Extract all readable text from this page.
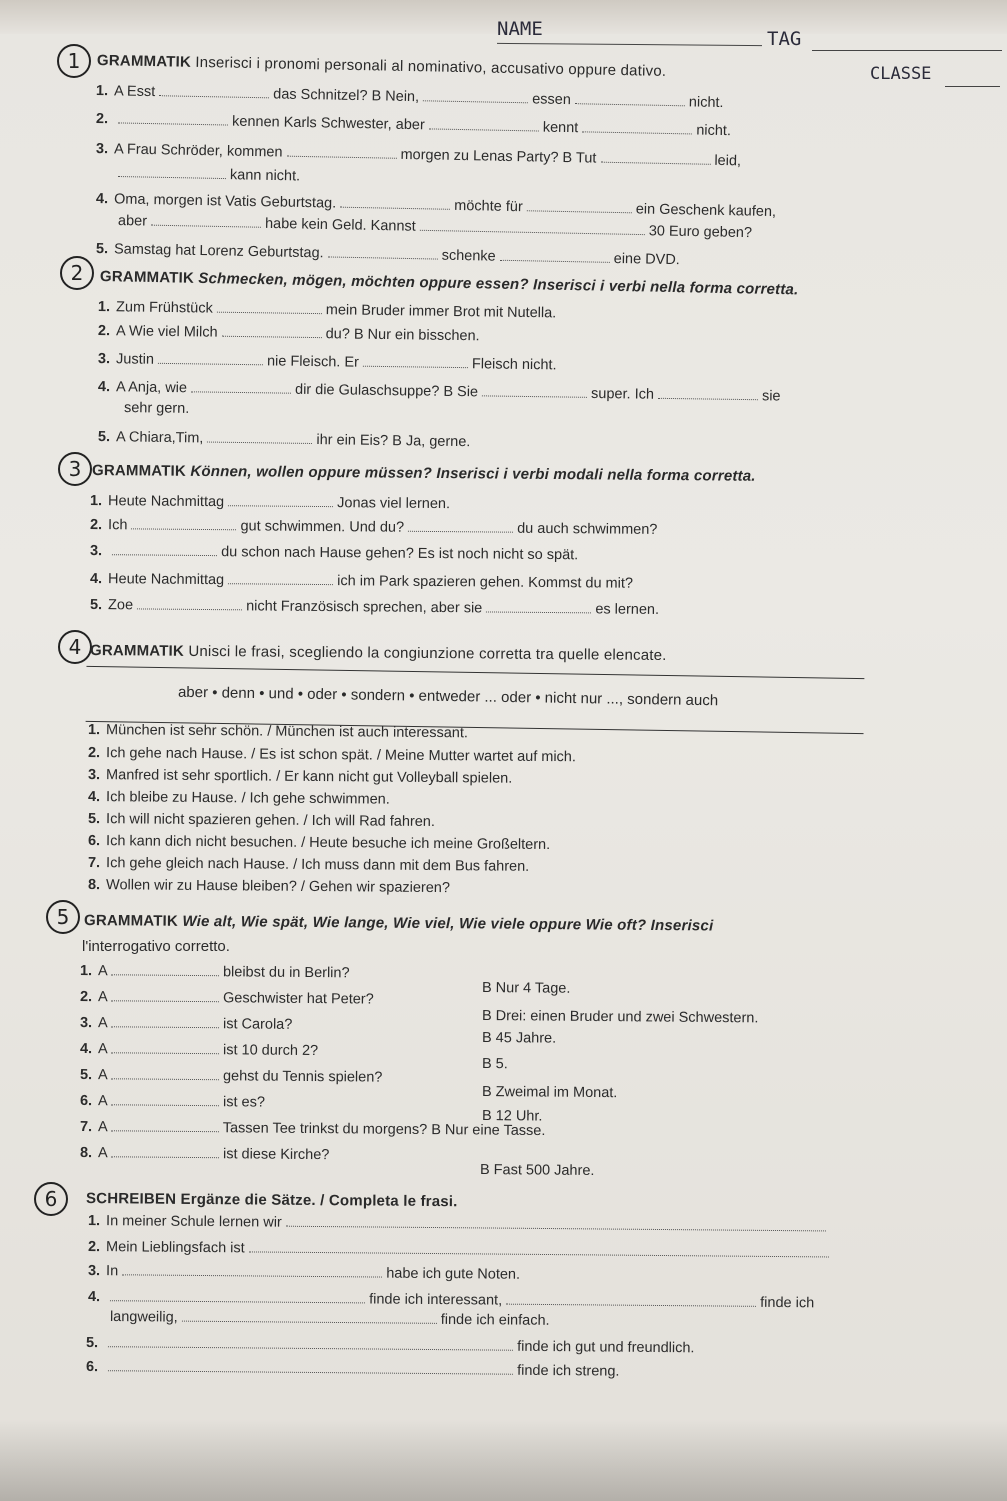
NAME	TAG
CLASSE
1	GRAMMATIK Inserisci i pronomi personali al nominativo, accusativo oppure dativo.
1. A Esst	das Schnitzel? B Nein,	essen	nicht.
2.	kennen Karls Schwester, aber	kennt	nicht.
3. A Frau Schröder, kommen	morgen zu Lenas Party? B Tut	leid,
kann nicht.
4. Oma, morgen ist Vatis Geburtstag.	möchte für	ein Geschenk kaufen,
aber	habe kein Geld. Kannst	30 Euro geben?
5. Samstag hat Lorenz Geburtstag.	schenke	eine DVD.
2	GRAMMATIK Schmecken, mögen, möchten oppure essen? Inserisci i verbi nella forma corretta.
1. Zum Frühstück	mein Bruder immer Brot mit Nutella.
2. A Wie viel Milch	du? B Nur ein bisschen.
3. Justin	nie Fleisch. Er	Fleisch nicht.
4. A Anja, wie	dir die Gulaschsuppe? B Sie	super. Ich	sie
sehr gern.
5. A Chiara,Tim,	ihr ein Eis? B Ja, gerne.
3 GRAMMATIK Können, wollen oppure müssen? Inserisci i verbi modali nella forma corretta.
1. Heute Nachmittag	Jonas viel lernen.
2. Ich	gut schwimmen. Und du?	du auch schwimmen?
3.	du schon nach Hause gehen? Es ist noch nicht so spät.
4. Heute Nachmittag	ich im Park spazieren gehen. Kommst du mit?
5. Zoe	nicht Französisch sprechen, aber sie	es lernen.
4 GRAMMATIK Unisci le frasi, scegliendo la congiunzione corretta tra quelle elencate.
aber • denn • und • oder • sondern • entweder ... oder • nicht nur ..., sondern auch
1. München ist sehr schön. / München ist auch interessant.
2. Ich gehe nach Hause. / Es ist schon spät. / Meine Mutter wartet auf mich.
3. Manfred ist sehr sportlich. / Er kann nicht gut Volleyball spielen.
4. Ich bleibe zu Hause. / Ich gehe schwimmen.
5. Ich will nicht spazieren gehen. / Ich will Rad fahren.
6. Ich kann dich nicht besuchen. / Heute besuche ich meine Großeltern.
7. Ich gehe gleich nach Hause. / Ich muss dann mit dem Bus fahren.
8. Wollen wir zu Hause bleiben? / Gehen wir spazieren?
5 GRAMMATIK Wie alt, Wie spät, Wie lange, Wie viel, Wie viele oppure Wie oft? Inserisci
l'interrogativo corretto.
1. A	bleibst du in Berlin?
B Nur 4 Tage.
2. A	Geschwister hat Peter?
B Drei: einen Bruder und zwei Schwestern.
3. A	ist Carola?
B 45 Jahre.
4. A	ist 10 durch 2?
B 5.
5. A	gehst du Tennis spielen?
B Zweimal im Monat.
6. A	ist es?
B 12 Uhr.
7. A	Tassen Tee trinkst du morgens? B Nur eine Tasse.
8. A	ist diese Kirche?
B Fast 500 Jahre.
6	SCHREIBEN Ergänze die Sätze. / Completa le frasi.
1. In meiner Schule lernen wir
2. Mein Lieblingsfach ist
3. In	habe ich gute Noten.
4.	finde ich interessant,	finde ich
langweilig,	finde ich einfach.
5.	finde ich gut und freundlich.
6.	finde ich streng.
